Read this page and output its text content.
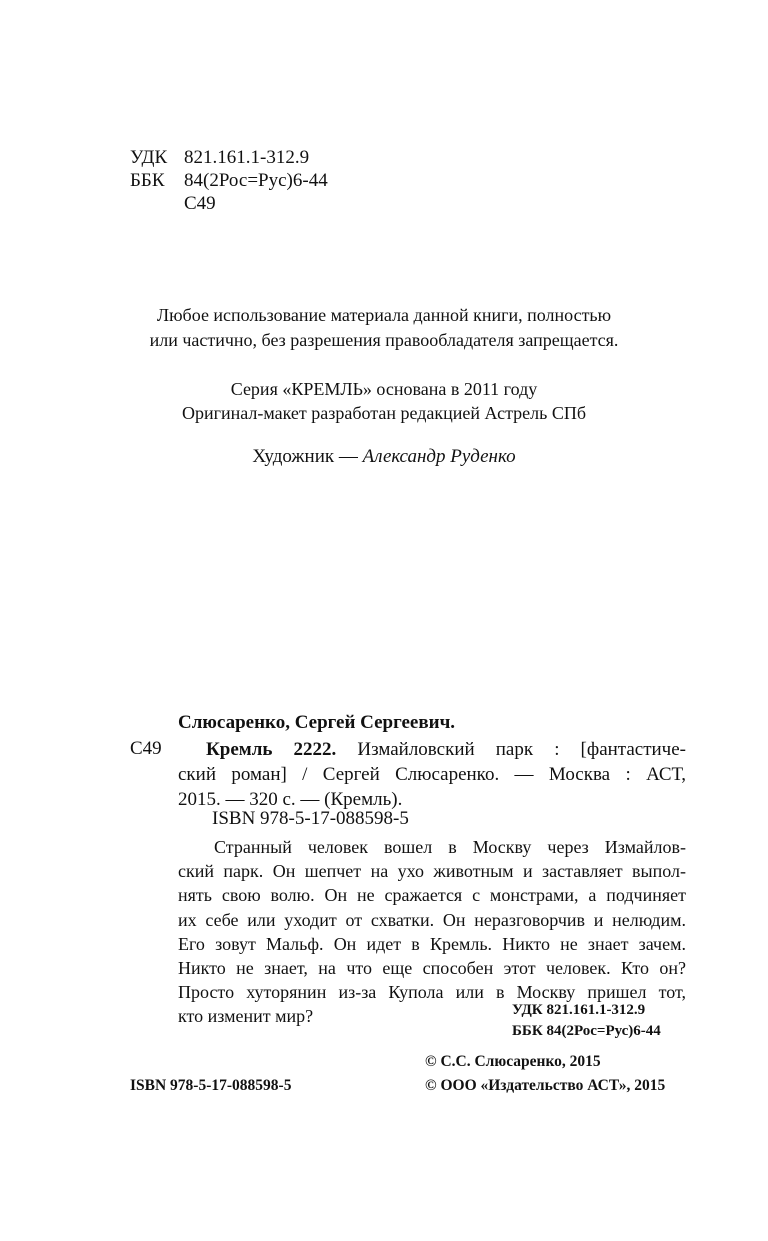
УДК 821.161.1-312.9
ББК 84(2Рос=Рус)6-44
С49
Любое использование материала данной книги, полностью
или частично, без разрешения правообладателя запрещается.
Серия «КРЕМЛЬ» основана в 2011 году
Оригинал-макет разработан редакцией Астрель СПб
Художник — Александр Руденко
Слюсаренко, Сергей Сергеевич.
С49	Кремль 2222. Измайловский парк : [фантастиче-
ский роман] / Сергей Слюсаренко. — Москва : АСТ,
2015. — 320 с. — (Кремль).
ISBN 978-5-17-088598-5
Странный человек вошел в Москву через Измайлов-
ский парк. Он шепчет на ухо животным и заставляет выпол-
нять свою волю. Он не сражается с монстрами, а подчиняет
их себе или уходит от схватки. Он неразговорчив и нелюдим.
Его зовут Мальф. Он идет в Кремль. Никто не знает зачем.
Никто не знает, на что еще способен этот человек. Кто он?
Просто хуторянин из-за Купола или в Москву пришел тот,
кто изменит мир?	УДК 821.161.1-312.9
ББК 84(2Рос=Рус)6-44
© С.С. Слюсаренко, 2015
© ООО «Издательство АСТ», 2015
ISBN 978-5-17-088598-5
